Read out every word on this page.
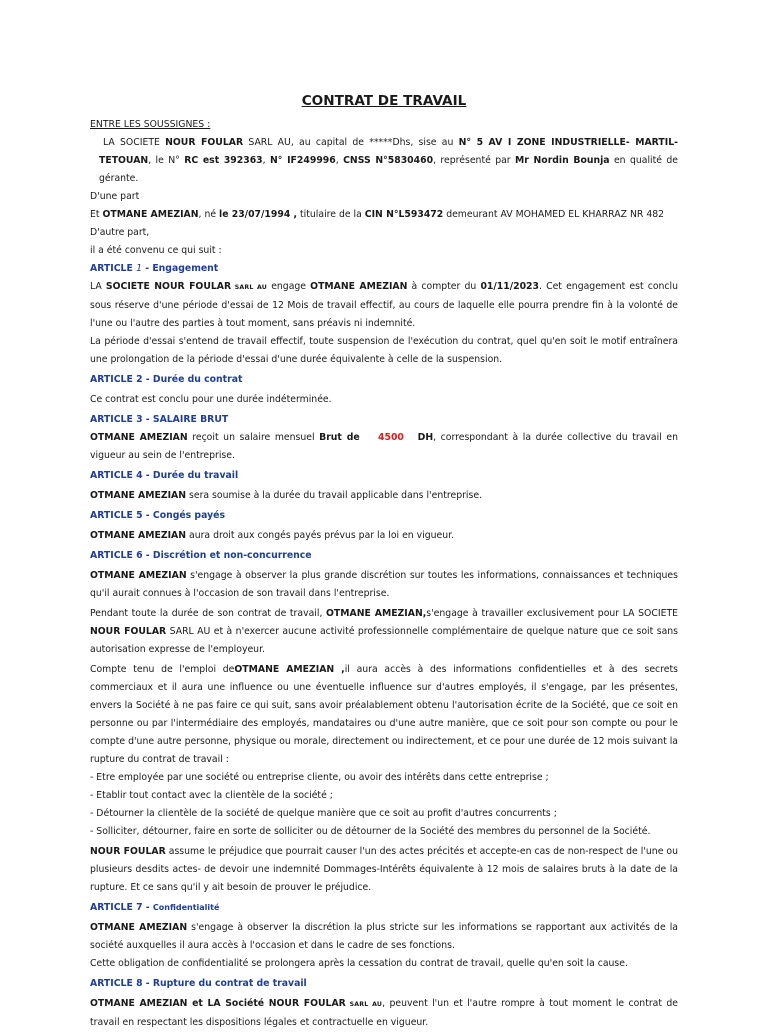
CONTRAT DE TRAVAIL

ENTRE LES SOUSSIGNES :

LA SOCIETE NOUR FOULAR SARL AU, au capital de *****Dhs, sise au N° 5 AV I ZONE INDUSTRIELLE- MARTIL-TETOUAN, le N° RC est 392363, N° IF249996, CNSS N°5830460, représenté par Mr Nordin Bounja en qualité de gérante.

D'une part

Et OTMANE AMEZIAN, né le 23/07/1994 , titulaire de la CIN N°L593472 demeurant AV MOHAMED EL KHARRAZ NR 482

D'autre part,

il a été convenu ce qui suit :

ARTICLE 1 - Engagement

LA SOCIETE NOUR FOULAR SARL AU engage OTMANE AMEZIAN à compter du 01/11/2023. Cet engagement est conclu sous réserve d'une période d'essai de 12 Mois de travail effectif, au cours de laquelle elle pourra prendre fin à la volonté de l'une ou l'autre des parties à tout moment, sans préavis ni indemnité.

La période d'essai s'entend de travail effectif, toute suspension de l'exécution du contrat, quel qu'en soit le motif entraînera une prolongation de la période d'essai d'une durée équivalente à celle de la suspension.

ARTICLE 2 - Durée du contrat

Ce contrat est conclu pour une durée indéterminée.

ARTICLE 3 - SALAIRE BRUT

OTMANE AMEZIAN reçoit un salaire mensuel Brut de 4500 DH, correspondant à la durée collective du travail en vigueur au sein de l'entreprise.

ARTICLE 4 - Durée du travail

OTMANE AMEZIAN sera soumise à la durée du travail applicable dans l'entreprise.

ARTICLE 5 - Congés payés

OTMANE AMEZIAN aura droit aux congés payés prévus par la loi en vigueur.

ARTICLE 6 - Discrétion et non-concurrence

OTMANE AMEZIAN s'engage à observer la plus grande discrétion sur toutes les informations, connaissances et techniques qu'il aurait connues à l'occasion de son travail dans l'entreprise.

Pendant toute la durée de son contrat de travail, OTMANE AMEZIAN,s'engage à travailler exclusivement pour LA SOCIETE NOUR FOULAR SARL AU et à n'exercer aucune activité professionnelle complémentaire de quelque nature que ce soit sans autorisation expresse de l'employeur.

Compte tenu de l'emploi deOTMANE AMEZIAN ,il aura accès à des informations confidentielles et à des secrets commerciaux et il aura une influence ou une éventuelle influence sur d'autres employés, il s'engage, par les présentes, envers la Société à ne pas faire ce qui suit, sans avoir préalablement obtenu l'autorisation écrite de la Société, que ce soit en personne ou par l'intermédiaire des employés, mandataires ou d'une autre manière, que ce soit pour son compte ou pour le compte d'une autre personne, physique ou morale, directement ou indirectement, et ce pour une durée de 12 mois suivant la rupture du contrat de travail :

- Etre employée par une société ou entreprise cliente, ou avoir des intérêts dans cette entreprise ;

- Etablir tout contact avec la clientèle de la société ;

- Détourner la clientèle de la société de quelque manière que ce soit au profit d'autres concurrents ;

- Solliciter, détourner, faire en sorte de solliciter ou de détourner de la Société des membres du personnel de la Société.

NOUR FOULAR assume le préjudice que pourrait causer l'un des actes précités et accepte-en cas de non-respect de l'une ou plusieurs desdits actes- de devoir une indemnité Dommages-Intérêts équivalente à 12 mois de salaires bruts à la date de la rupture. Et ce sans qu'il y ait besoin de prouver le préjudice.

ARTICLE 7 - Confidentialité

OTMANE AMEZIAN s'engage à observer la discrétion la plus stricte sur les informations se rapportant aux activités de la société auxquelles il aura accès à l'occasion et dans le cadre de ses fonctions.

Cette obligation de confidentialité se prolongera après la cessation du contrat de travail, quelle qu'en soit la cause.

ARTICLE 8 - Rupture du contrat de travail

OTMANE AMEZIAN et LA Société NOUR FOULAR SARL AU, peuvent l'un et l'autre rompre à tout moment le contrat de travail en respectant les dispositions légales et contractuelle en vigueur.
